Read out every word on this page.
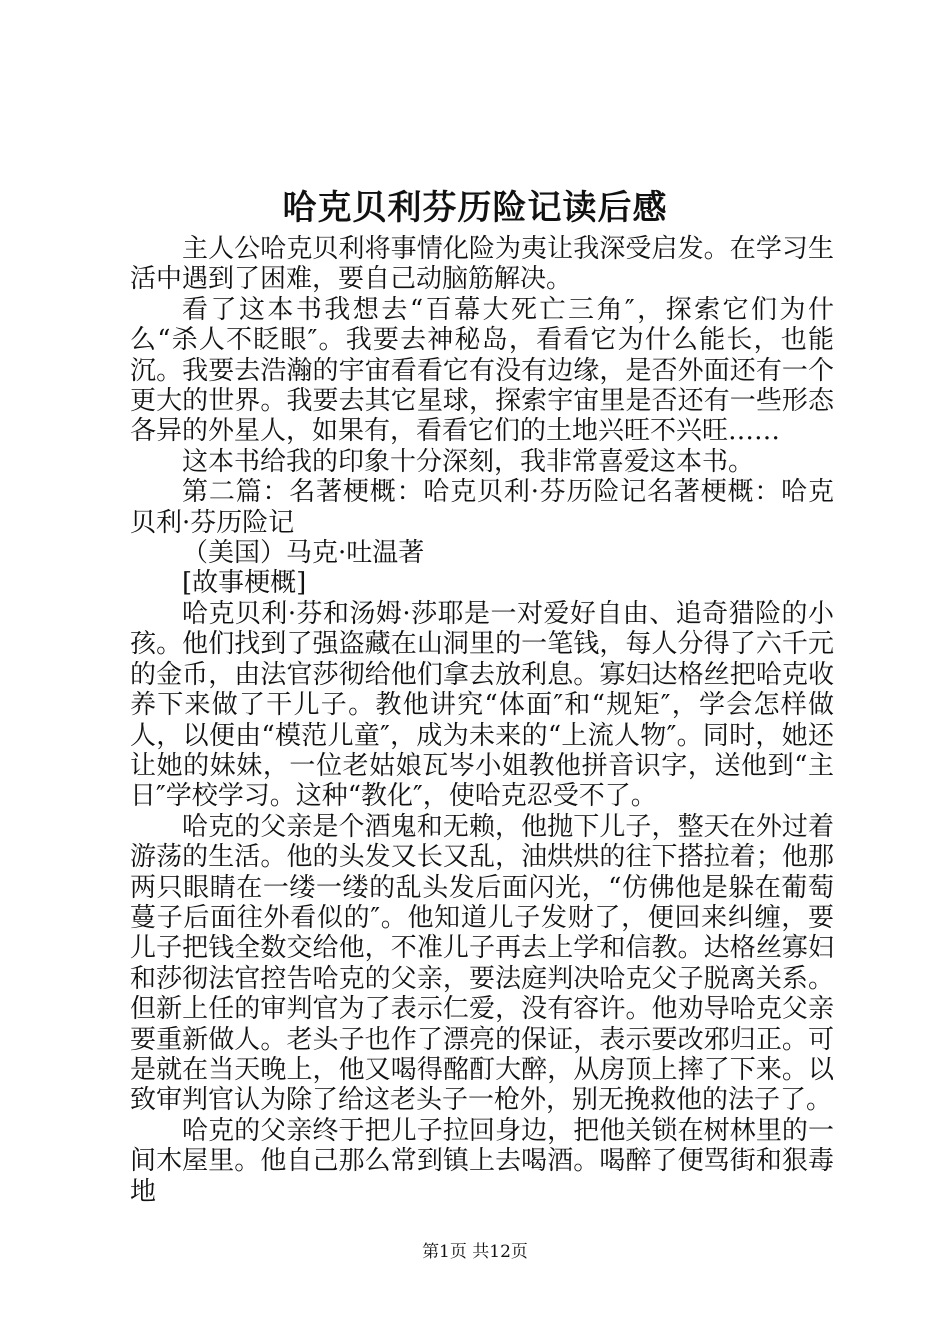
哈克贝利芬历险记读后感

主人公哈克贝利将事情化险为夷让我深受启发。在学习生活中遇到了困难，要自己动脑筋解决。

看了这本书我想去“百幕大死亡三角″，探索它们为什么“杀人不眨眼″。我要去神秘岛，看看它为什么能长，也能沉。我要去浩瀚的宇宙看看它有没有边缘，是否外面还有一个更大的世界。我要去其它星球，探索宇宙里是否还有一些形态各异的外星人，如果有，看看它们的土地兴旺不兴旺……

这本书给我的印象十分深刻，我非常喜爱这本书。

第二篇：名著梗概：哈克贝利·芬历险记名著梗概：哈克贝利·芬历险记

（美国）马克·吐温著

[故事梗概]

哈克贝利·芬和汤姆·莎耶是一对爱好自由、追奇猎险的小孩。他们找到了强盗藏在山洞里的一笔钱，每人分得了六千元的金币，由法官莎彻给他们拿去放利息。寡妇达格丝把哈克收养下来做了干儿子。教他讲究“体面″和“规矩″，学会怎样做人，以便由“模范儿童″，成为未来的“上流人物″。同时，她还让她的妹妹，一位老姑娘瓦岑小姐教他拼音识字，送他到“主日″学校学习。这种“教化″，使哈克忍受不了。

哈克的父亲是个酒鬼和无赖，他抛下儿子，整天在外过着游荡的生活。他的头发又长又乱，油烘烘的往下搭拉着；他那两只眼睛在一缕一缕的乱头发后面闪光，“仿佛他是躲在葡萄蔓子后面往外看似的″。他知道儿子发财了，便回来纠缠，要儿子把钱全数交给他，不准儿子再去上学和信教。达格丝寡妇和莎彻法官控告哈克的父亲，要法庭判决哈克父子脱离关系。但新上任的审判官为了表示仁爱，没有容许。他劝导哈克父亲要重新做人。老头子也作了漂亮的保证，表示要改邪归正。可是就在当天晚上，他又喝得酩酊大醉，从房顶上摔了下来。以致审判官认为除了给这老头子一枪外，别无挽救他的法子了。

哈克的父亲终于把儿子拉回身边，把他关锁在树林里的一间木屋里。他自己那么常到镇上去喝酒。喝醉了便骂街和狠毒地

第1页 共12页
